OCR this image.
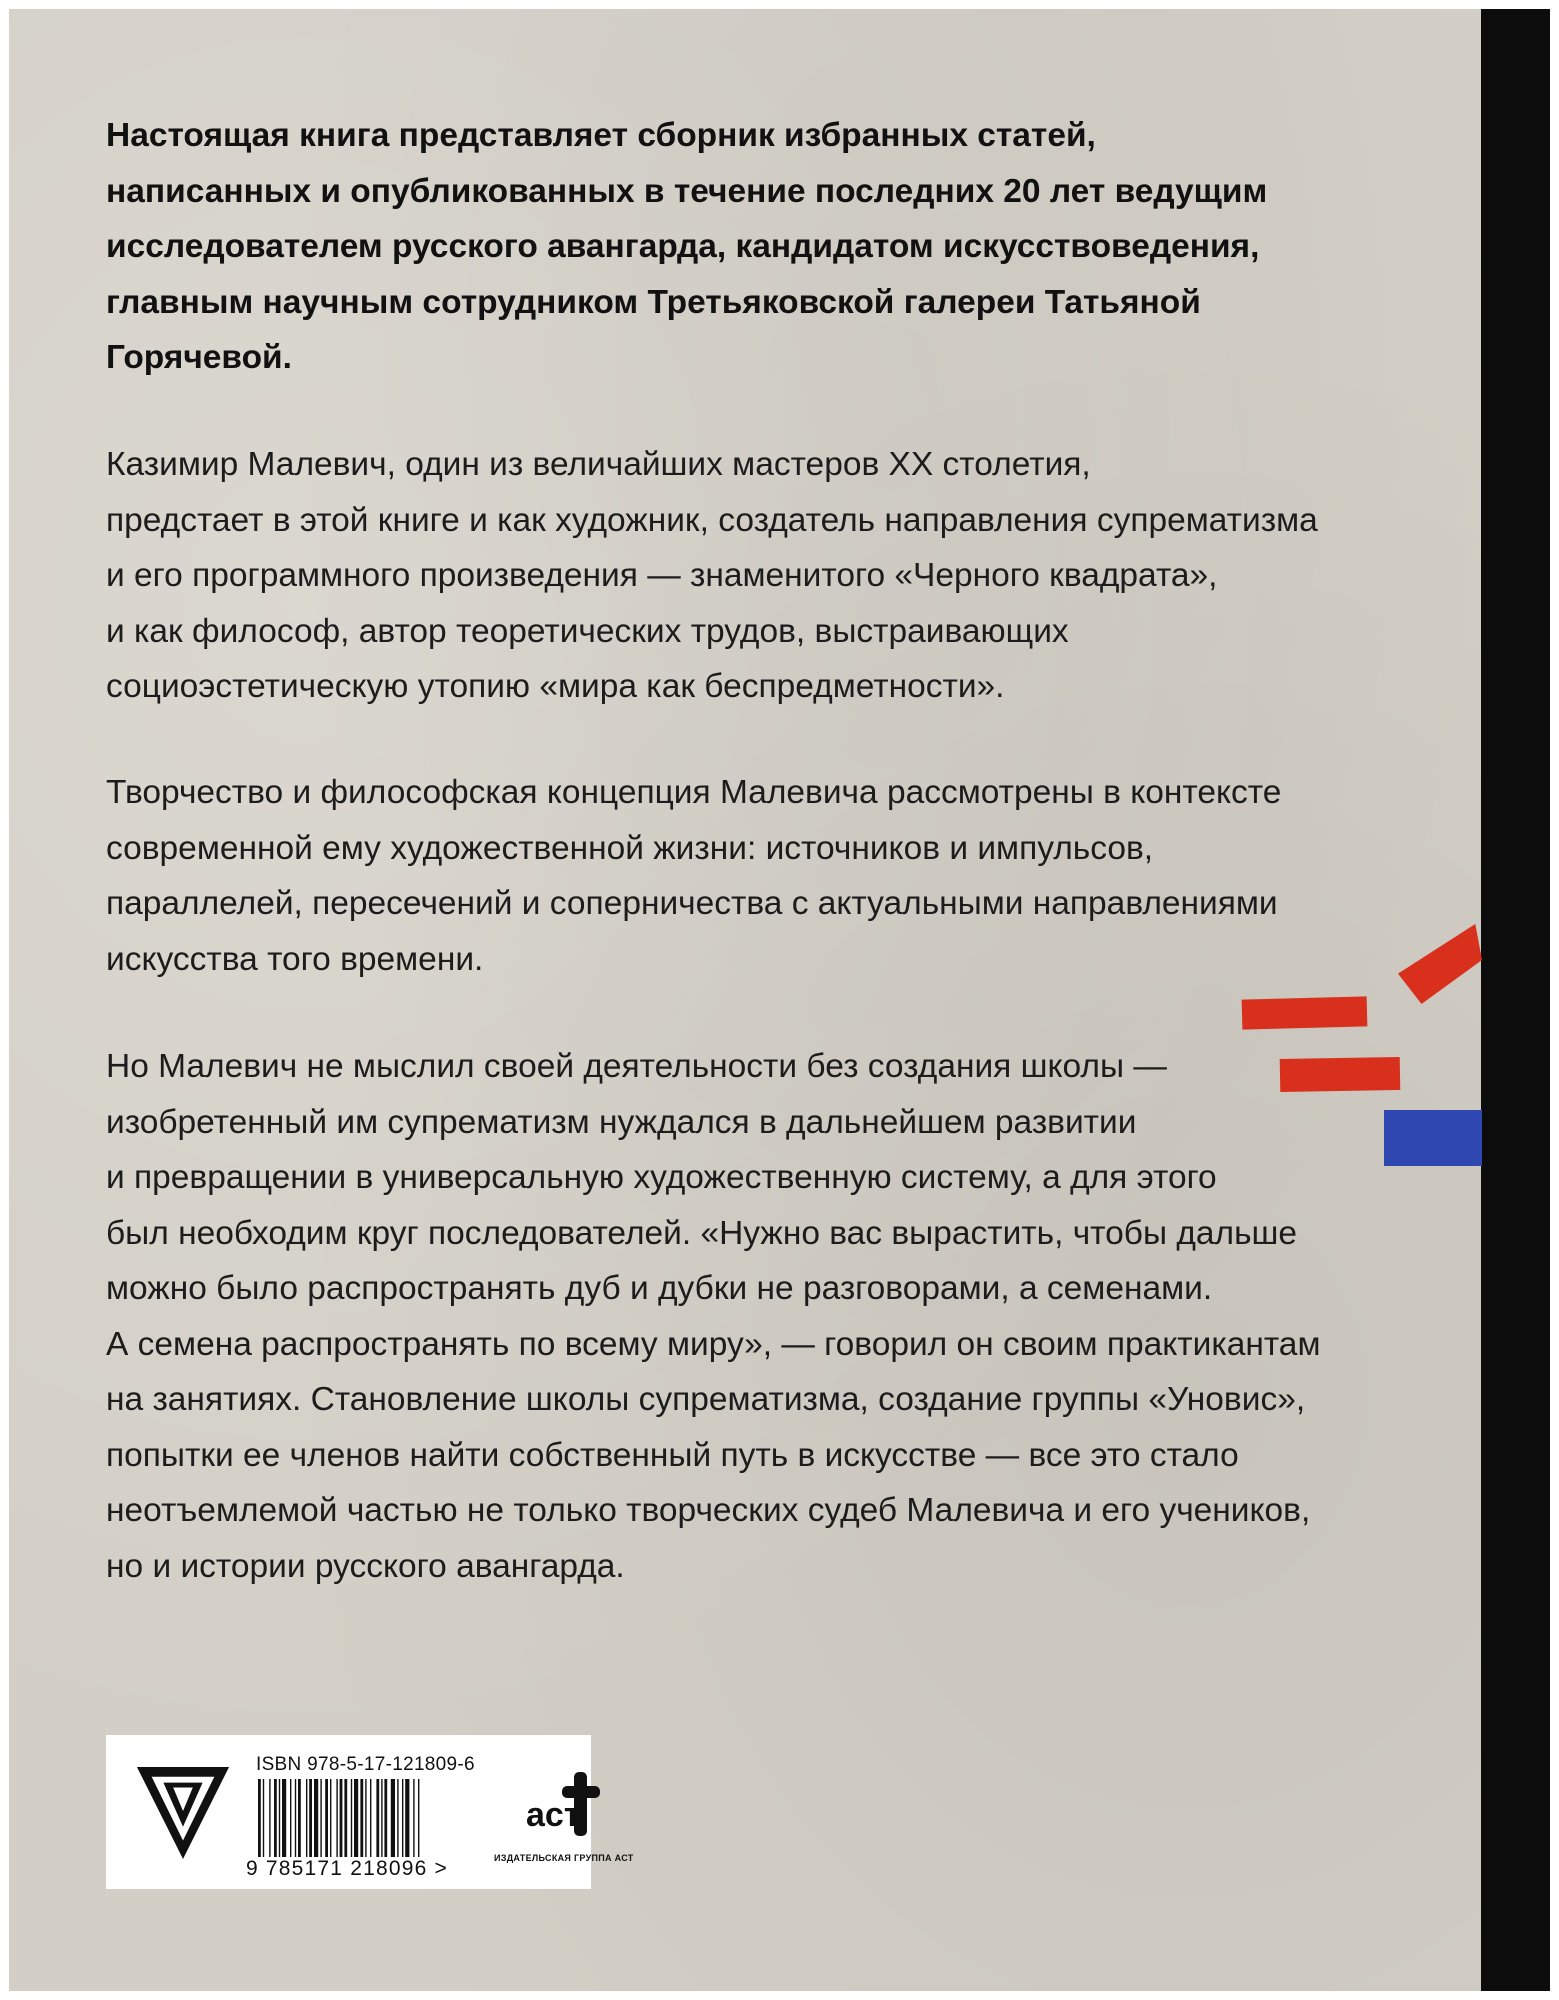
Настоящая книга представляет сборник избранных статей,
написанных и опубликованных в течение последних 20 лет ведущим
исследователем русского авангарда, кандидатом искусствоведения,
главным научным сотрудником Третьяковской галереи Татьяной
Горячевой.

Казимир Малевич, один из величайших мастеров XX столетия,
предстает в этой книге и как художник, создатель направления супрематизма
и его программного произведения — знаменитого «Черного квадрата»,
и как философ, автор теоретических трудов, выстраивающих
социоэстетическую утопию «мира как беспредметности».

Творчество и философская концепция Малевича рассмотрены в контексте
современной ему художественной жизни: источников и импульсов,
параллелей, пересечений и соперничества с актуальными направлениями
искусства того времени.

Но Малевич не мыслил своей деятельности без создания школы —
изобретенный им супрематизм нуждался в дальнейшем развитии
и превращении в универсальную художественную систему, а для этого
был необходим круг последователей. «Нужно вас вырастить, чтобы дальше
можно было распространять дуб и дубки не разговорами, а семенами.
А семена распространять по всему миру», — говорил он своим практикантам
на занятиях. Становление школы супрематизма, создание группы «Уновис»,
попытки ее членов найти собственный путь в искусстве — все это стало
неотъемлемой частью не только творческих судеб Малевича и его учеников,
но и истории русского авангарда.

ISBN 978-5-17-121809-6

9 785171 218096 >

аст

ИЗДАТЕЛЬСКАЯ ГРУППА АСТ
